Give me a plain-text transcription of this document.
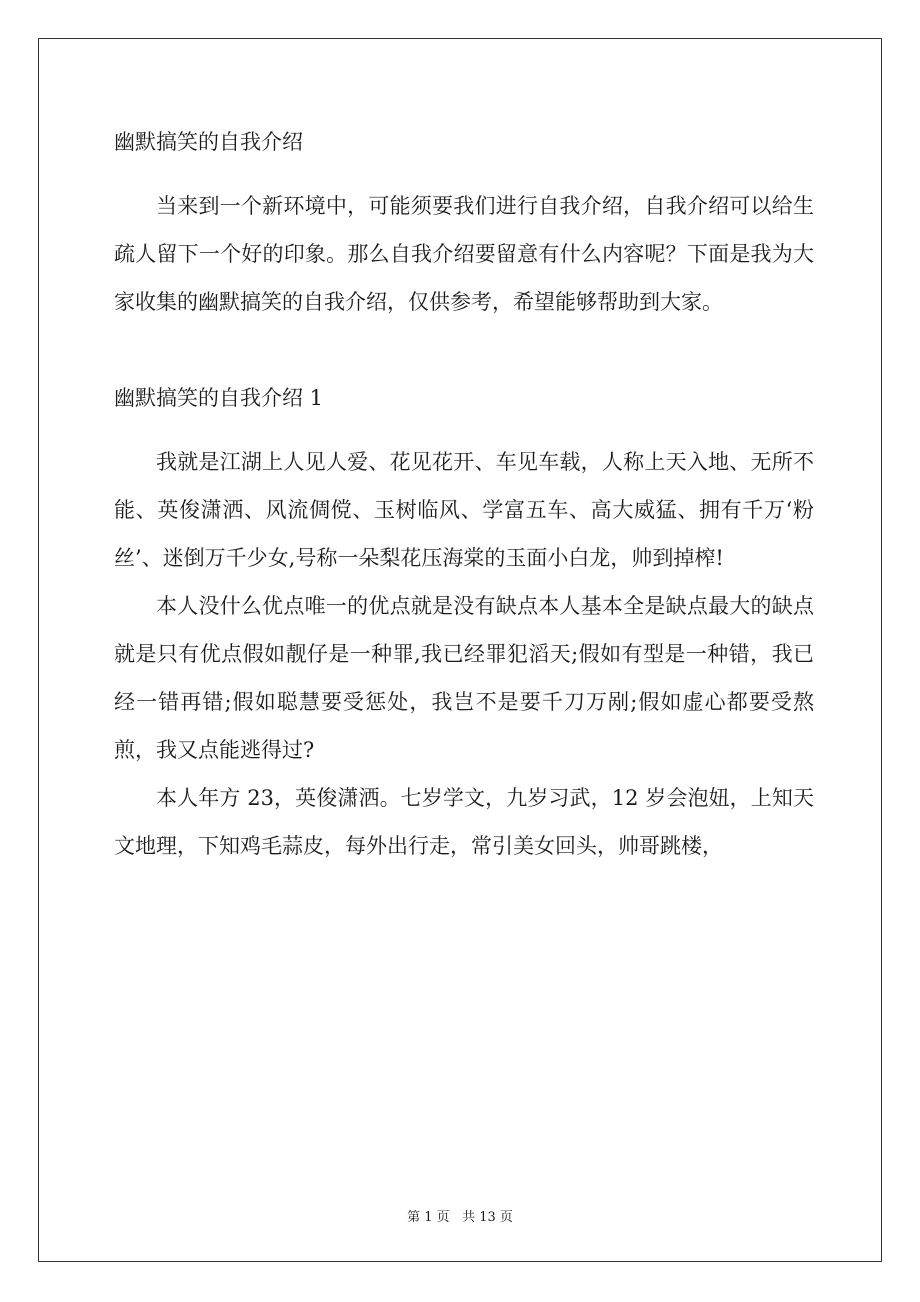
幽默搞笑的自我介绍

当来到一个新环境中，可能须要我们进行自我介绍，自我介绍可以给生疏人留下一个好的印象。那么自我介绍要留意有什么内容呢？下面是我为大家收集的幽默搞笑的自我介绍，仅供参考，希望能够帮助到大家。

幽默搞笑的自我介绍 1

我就是江湖上人见人爱、花见花开、车见车载，人称上天入地、无所不能、英俊潇洒、风流倜傥、玉树临风、学富五车、高大威猛、拥有千万‘粉丝’、迷倒万千少女,号称一朵梨花压海棠的玉面小白龙，帅到掉榨!

本人没什么优点唯一的优点就是没有缺点本人基本全是缺点最大的缺点就是只有优点假如靓仔是一种罪,我已经罪犯滔天;假如有型是一种错，我已经一错再错;假如聪慧要受惩处，我岂不是要千刀万剐;假如虚心都要受熬煎，我又点能逃得过?

本人年方 23，英俊潇洒。七岁学文，九岁习武，12 岁会泡妞，上知天文地理，下知鸡毛蒜皮，每外出行走，常引美女回头，帅哥跳楼，

第 1 页 共 13 页
